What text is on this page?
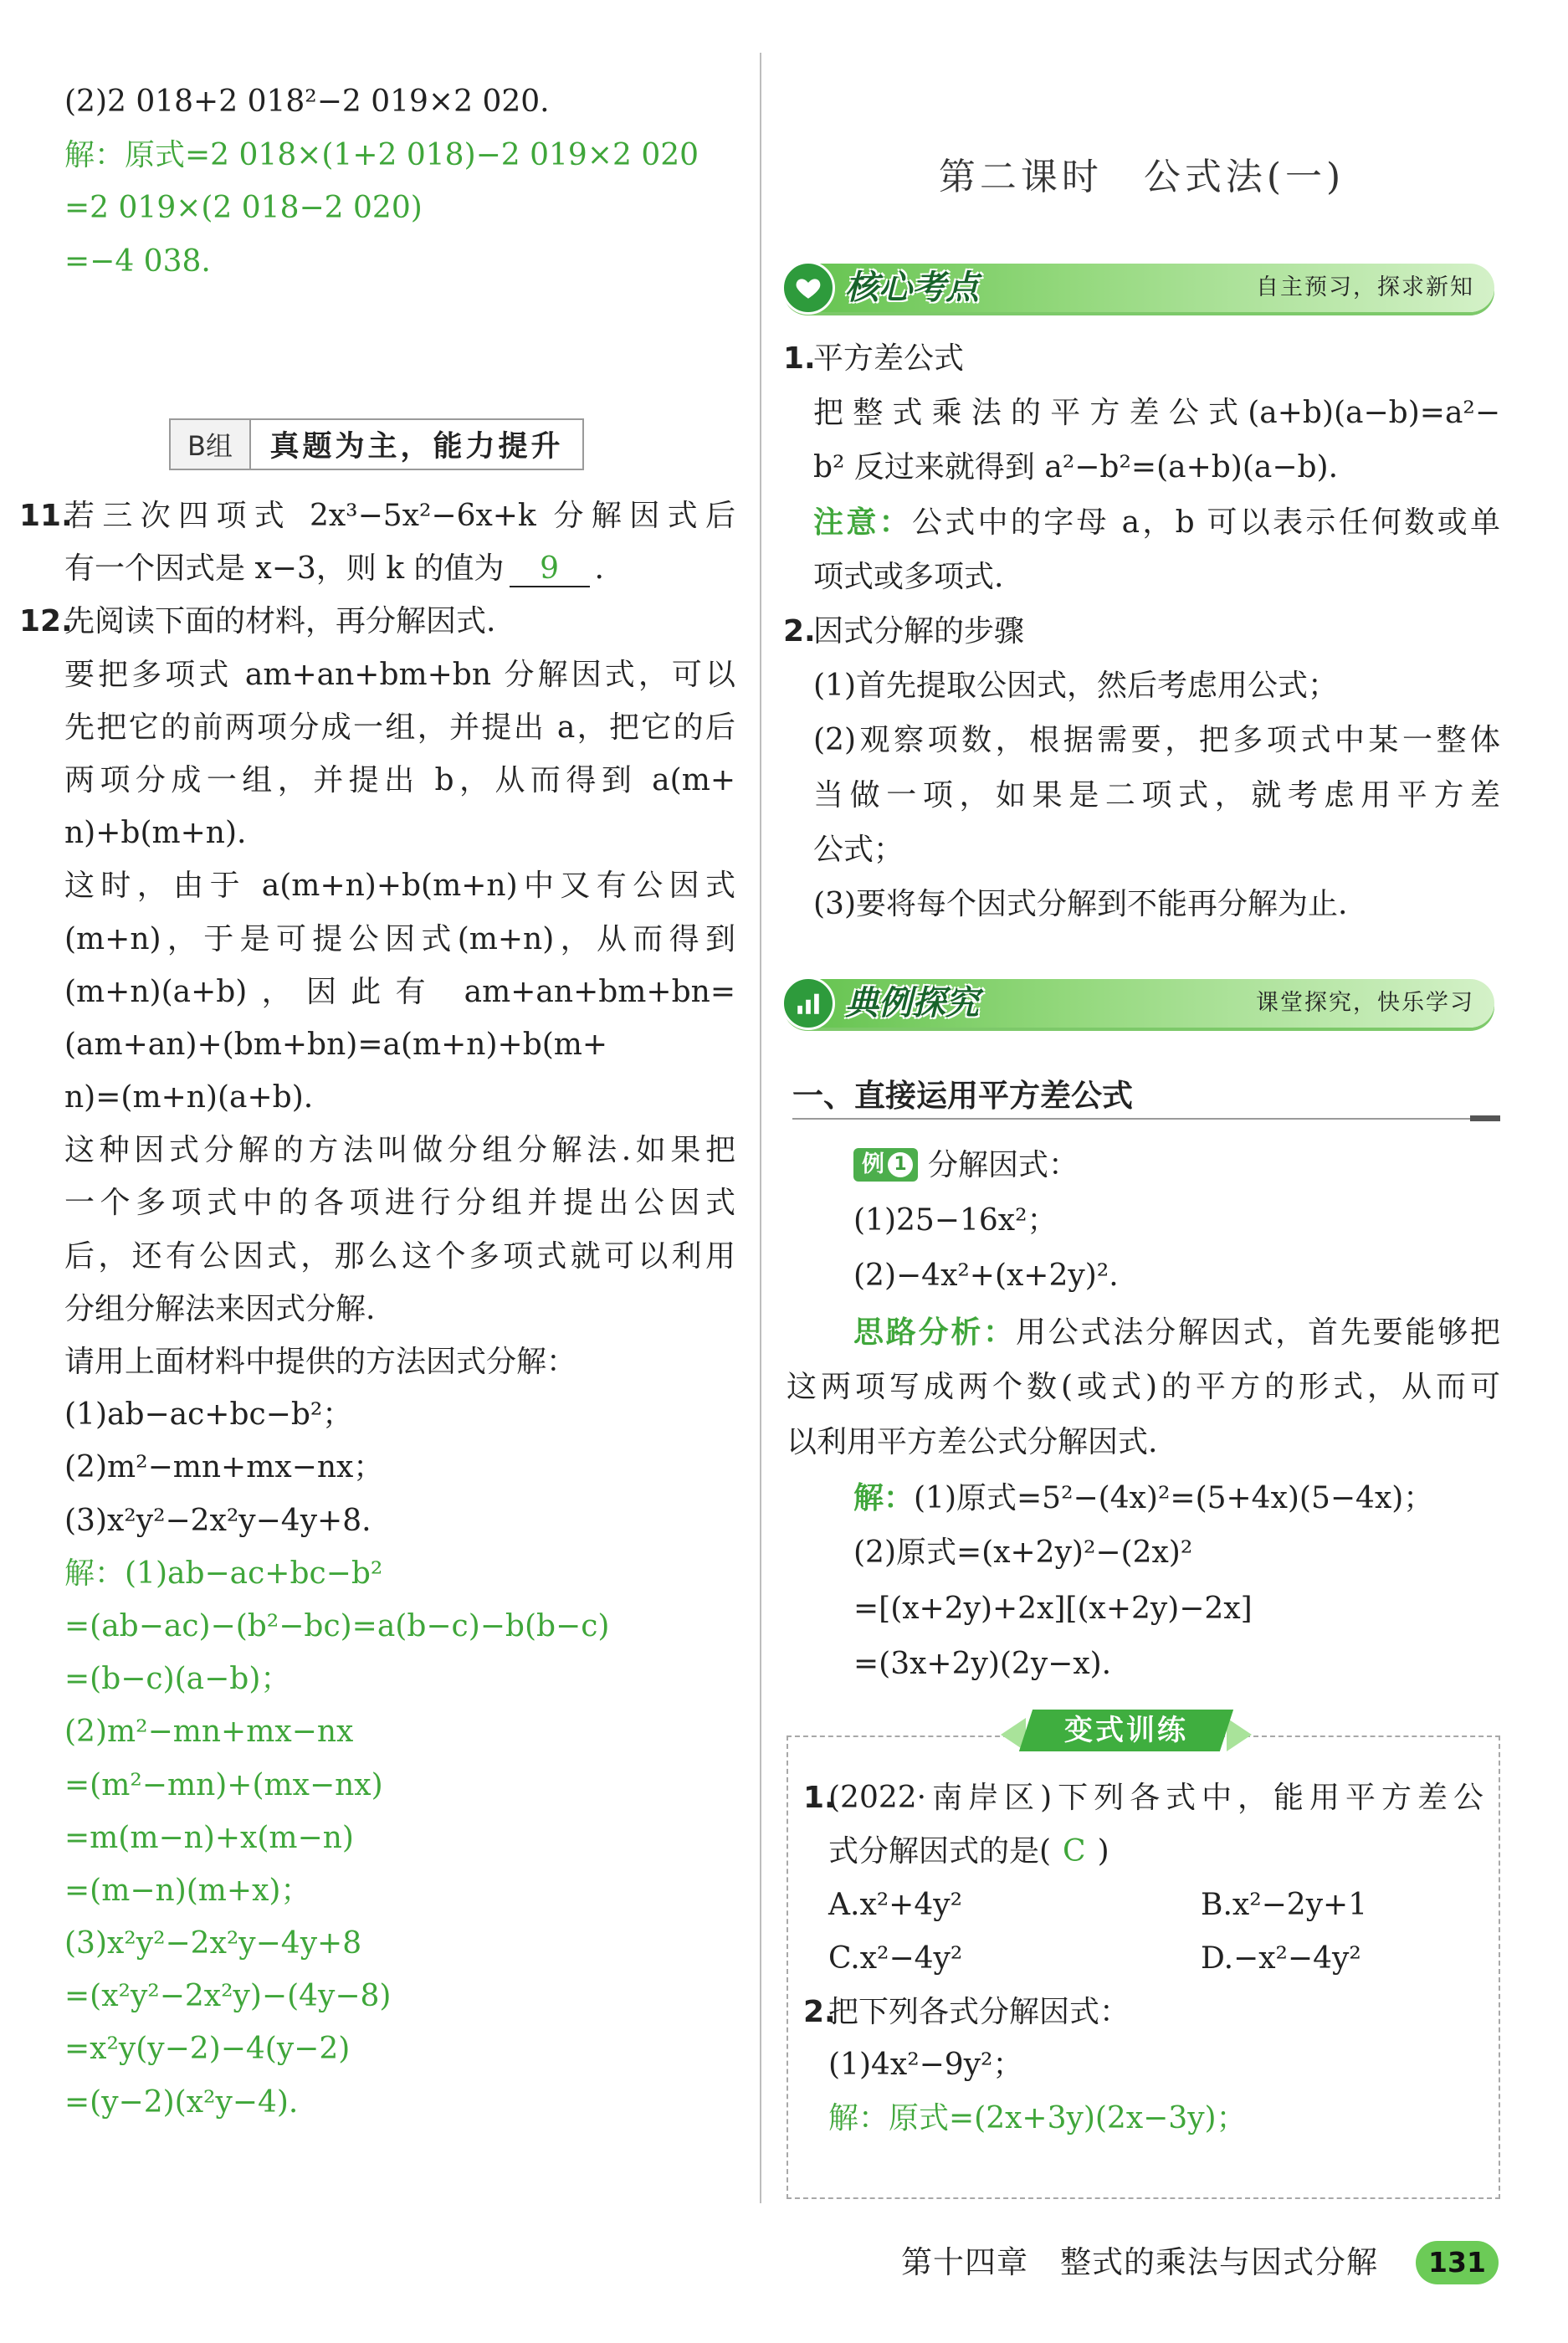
(2)2 018+2 018²−2 019×2 020.
解：原式=2 018×(1+2 018)−2 019×2 020
=2 019×(2 018−2 020)
=−4 038.
B组	真题为主，能力提升
11.
若三次四项式 2x³−5x²−6x+k 分解因式后
有一个因式是 x−3，则 k 的值为 9 .
12.
先阅读下面的材料，再分解因式.
要把多项式 am+an+bm+bn 分解因式，可以
先把它的前两项分成一组，并提出 a，把它的后
两项分成一组，并提出 b，从而得到 a(m+
n)+b(m+n).
这时，由于 a(m+n)+b(m+n)中又有公因式
(m+n)，于是可提公因式(m+n)，从而得到
(m+n)(a+b)，因此有 am+an+bm+bn=
(am+an)+(bm+bn)=a(m+n)+b(m+
n)=(m+n)(a+b).
这种因式分解的方法叫做分组分解法.如果把
一个多项式中的各项进行分组并提出公因式
后，还有公因式，那么这个多项式就可以利用
分组分解法来因式分解.
请用上面材料中提供的方法因式分解：
(1)ab−ac+bc−b²；
(2)m²−mn+mx−nx；
(3)x²y²−2x²y−4y+8.
解：(1)ab−ac+bc−b²
=(ab−ac)−(b²−bc)=a(b−c)−b(b−c)
=(b−c)(a−b)；
(2)m²−mn+mx−nx
=(m²−mn)+(mx−nx)
=m(m−n)+x(m−n)
=(m−n)(m+x)；
(3)x²y²−2x²y−4y+8
=(x²y²−2x²y)−(4y−8)
=x²y(y−2)−4(y−2)
=(y−2)(x²y−4).
第二课时　公式法(一)
核心考点	自主预习，探求新知
1.
平方差公式
把整式乘法的平方差公式(a+b)(a−b)=a²−
b² 反过来就得到 a²−b²=(a+b)(a−b).
注意：公式中的字母 a，b 可以表示任何数或单
项式或多项式.
2.
因式分解的步骤
(1)首先提取公因式，然后考虑用公式；
(2)观察项数，根据需要，把多项式中某一整体
当做一项，如果是二项式，就考虑用平方差
公式；
(3)要将每个因式分解到不能再分解为止.
典例探究	课堂探究，快乐学习
一、直接运用平方差公式
例 1 分解因式：
(1)25−16x²；
(2)−4x²+(x+2y)².
思路分析：用公式法分解因式，首先要能够把
这两项写成两个数(或式)的平方的形式，从而可
以利用平方差公式分解因式.
解：(1)原式=5²−(4x)²=(5+4x)(5−4x)；
(2)原式=(x+2y)²−(2x)²
=[(x+2y)+2x][(x+2y)−2x]
=(3x+2y)(2y−x).
变式训练
1.
(2022·南岸区)下列各式中，能用平方差公
式分解因式的是( C )
A.x²+4y²	B.x²−2y+1
C.x²−4y²	D.−x²−4y²
2.
把下列各式分解因式：
(1)4x²−9y²；
解：原式=(2x+3y)(2x−3y)；
第十四章　整式的乘法与因式分解	131
